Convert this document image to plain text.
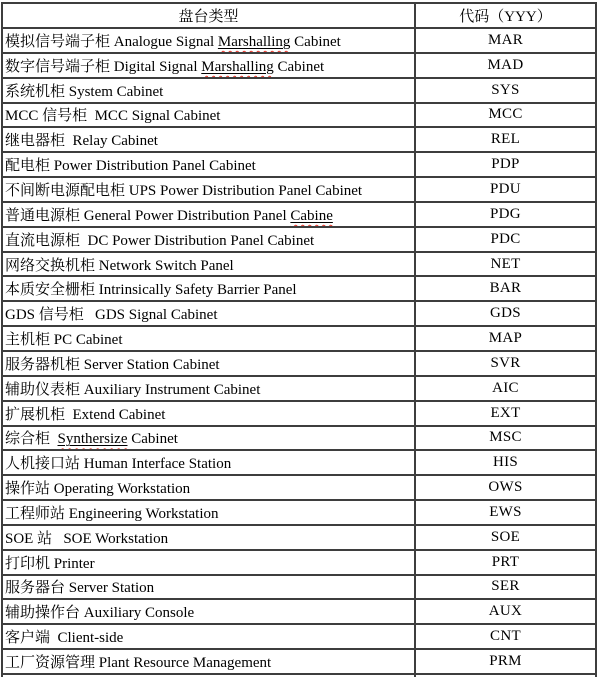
盘台类型	代码（YYY）
模拟信号端子柜 Analogue Signal Marshalling Cabinet	MAR
数字信号端子柜 Digital Signal Marshalling Cabinet	MAD
系统机柜 System Cabinet	SYS
MCC 信号柜  MCC Signal Cabinet	MCC
继电器柜  Relay Cabinet	REL
配电柜 Power Distribution Panel Cabinet	PDP
不间断电源配电柜 UPS Power Distribution Panel Cabinet	PDU
普通电源柜 General Power Distribution Panel Cabine	PDG
直流电源柜  DC Power Distribution Panel Cabinet	PDC
网络交换机柜 Network Switch Panel	NET
本质安全栅柜 Intrinsically Safety Barrier Panel	BAR
GDS 信号柜   GDS Signal Cabinet	GDS
主机柜 PC Cabinet	MAP
服务器机柜 Server Station Cabinet	SVR
辅助仪表柜 Auxiliary Instrument Cabinet	AIC
扩展机柜  Extend Cabinet	EXT
综合柜  Synthersize Cabinet	MSC
人机接口站 Human Interface Station	HIS
操作站 Operating Workstation	OWS
工程师站 Engineering Workstation	EWS
SOE 站   SOE Workstation	SOE
打印机 Printer	PRT
服务器台 Server Station	SER
辅助操作台 Auxiliary Console	AUX
客户端  Client-side	CNT
工厂资源管理 Plant Resource Management	PRM
